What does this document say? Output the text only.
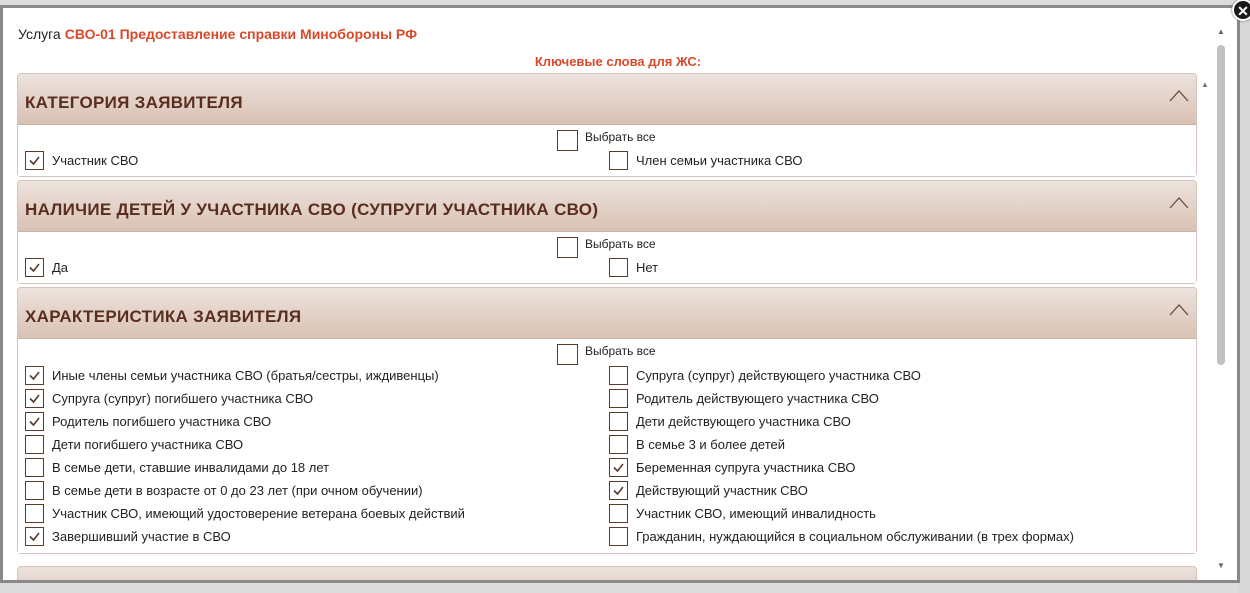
✕
Услуга СВО-01 Предоставление справки Минобороны РФ
Ключевые слова для ЖС:
КАТЕГОРИЯ ЗАЯВИТЕЛЯ
Выбрать все
Участник СВО	Член семьи участника СВО
НАЛИЧИЕ ДЕТЕЙ У УЧАСТНИКА СВО (СУПРУГИ УЧАСТНИКА СВО)
Выбрать все
Да	Нет
ХАРАКТЕРИСТИКА ЗАЯВИТЕЛЯ
Выбрать все
Иные члены семьи участника СВО (братья/сестры, иждивенцы)	Супруга (супруг) действующего участника СВО
Супруга (супруг) погибшего участника СВО	Родитель действующего участника СВО
Родитель погибшего участника СВО	Дети действующего участника СВО
Дети погибшего участника СВО	В семье 3 и более детей
В семье дети, ставшие инвалидами до 18 лет	Беременная супруга участника СВО
В семье дети в возрасте от 0 до 23 лет (при очном обучении)	Действующий участник СВО
Участник СВО, имеющий удостоверение ветерана боевых действий	Участник СВО, имеющий инвалидность
Завершивший участие в СВО	Гражданин, нуждающийся в социальном обслуживании (в трех формах)
▲
▲
▼
